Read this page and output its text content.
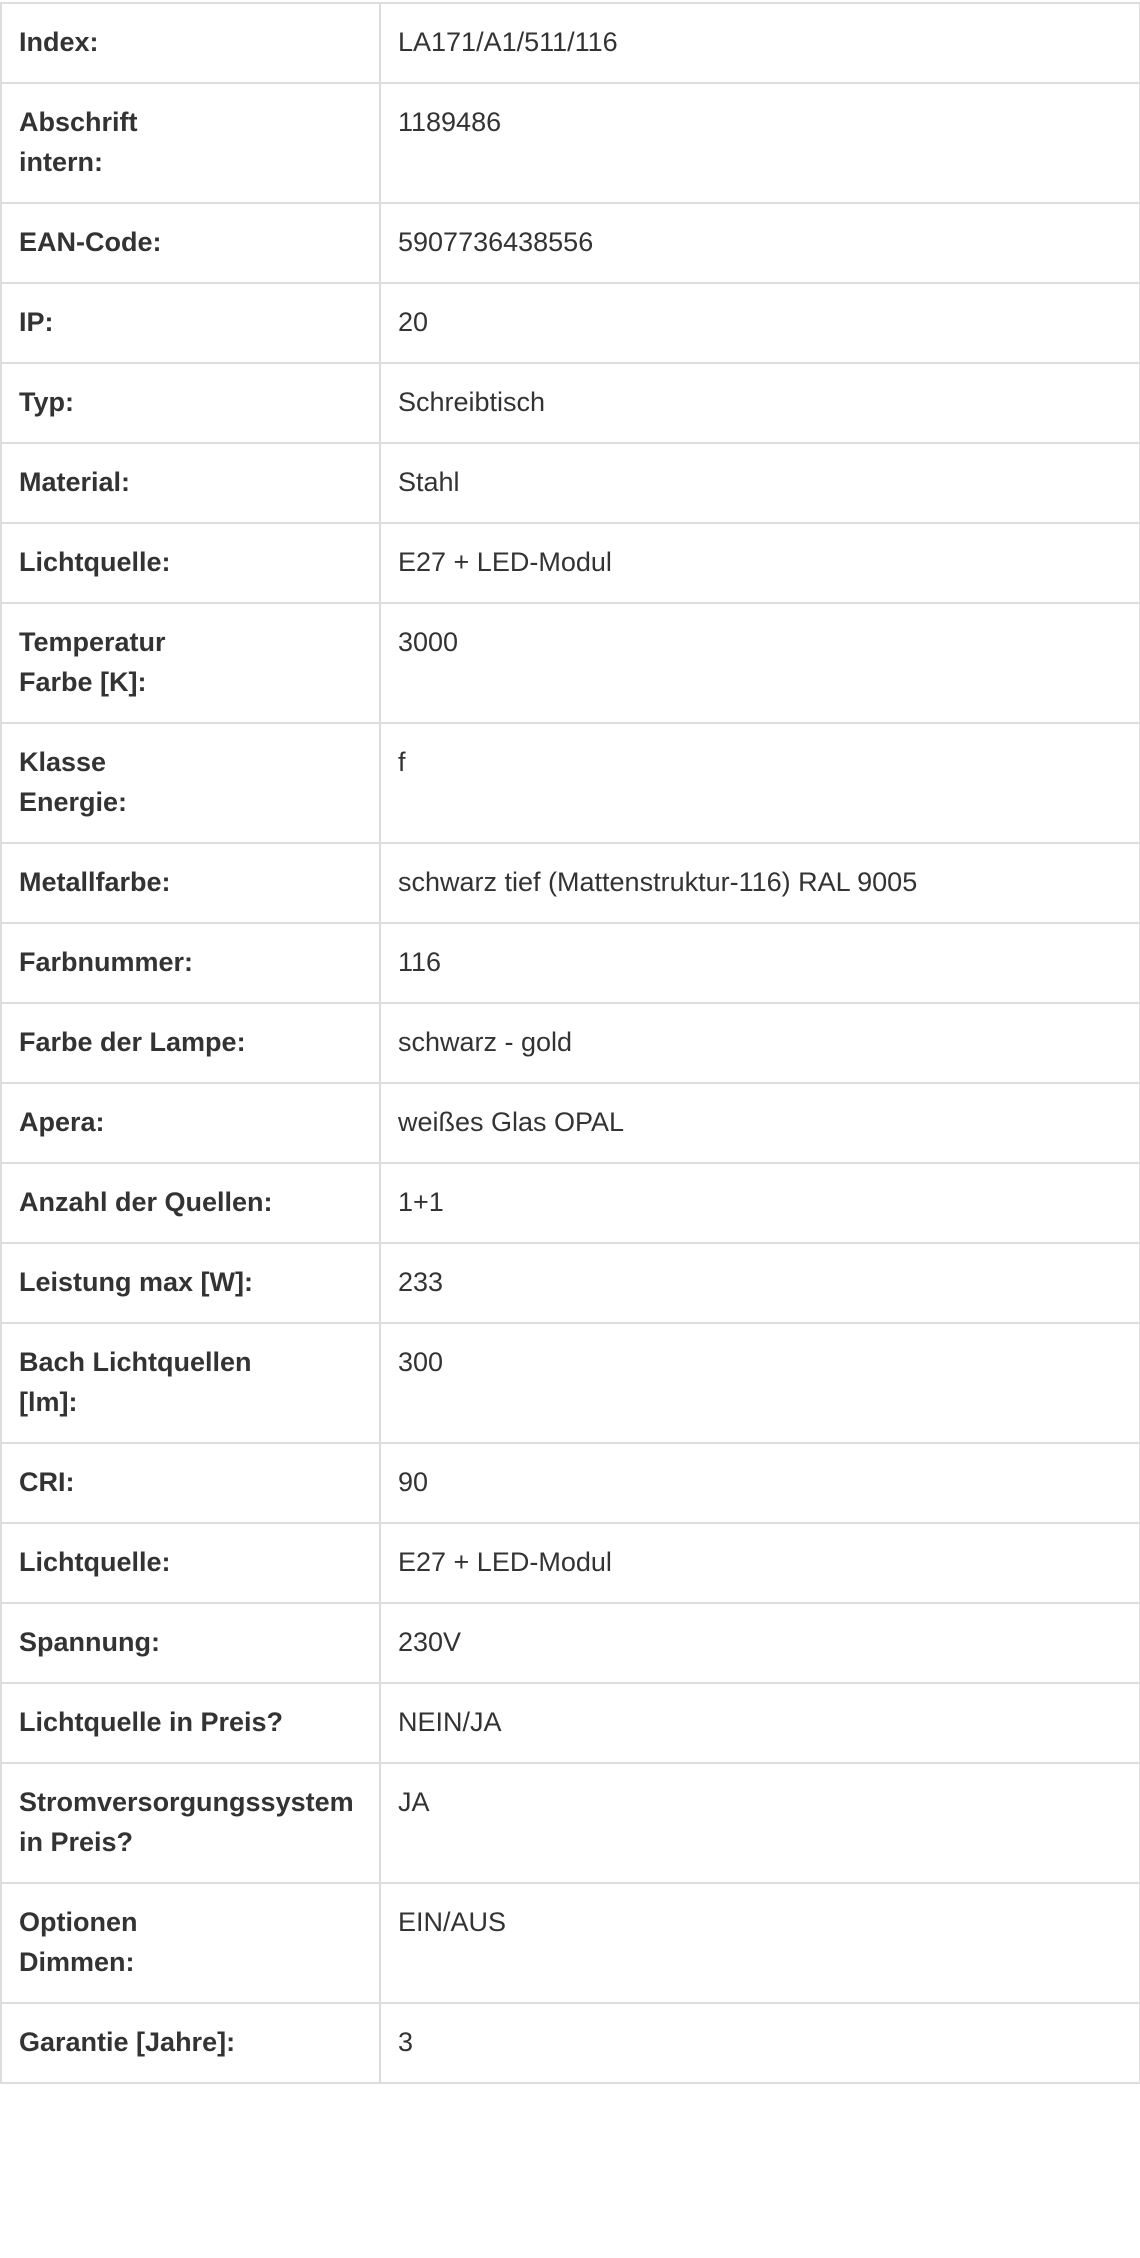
Index:	LA171/A1/511/116
Abschrift intern:	1189486
EAN-Code:	5907736438556
IP:	20
Typ:	Schreibtisch
Material:	Stahl
Lichtquelle:	E27 + LED-Modul
Temperatur Farbe [K]:	3000
Klasse Energie:	f
Metallfarbe:	schwarz tief (Mattenstruktur-116) RAL 9005
Farbnummer:	116
Farbe der Lampe:	schwarz - gold
Apera:	weißes Glas OPAL
Anzahl der Quellen:	1+1
Leistung max [W]:	233
Bach Lichtquellen [lm]:	300
CRI:	90
Lichtquelle:	E27 + LED-Modul
Spannung:	230V
Lichtquelle in Preis?	NEIN/JA
Stromversorgungssystem in Preis?	JA
Optionen Dimmen:	EIN/AUS
Garantie [Jahre]:	3
